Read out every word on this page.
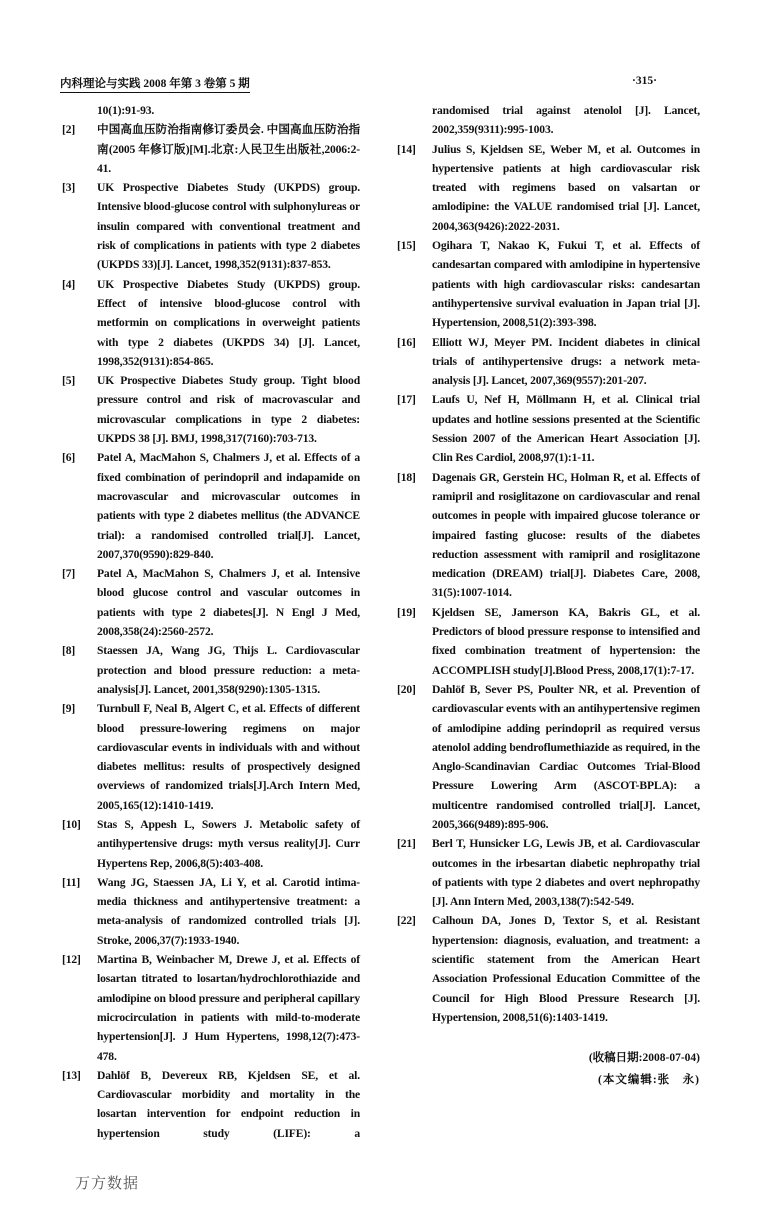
内科理论与实践 2008 年第 3 卷第 5 期	·315·
10(1):91-93.
[2] 中国高血压防治指南修订委员会. 中国高血压防治指南(2005 年修订版)[M].北京:人民卫生出版社,2006:2-41.
[3] UK Prospective Diabetes Study (UKPDS) group. Intensive blood-glucose control with sulphonylureas or insulin compared with conventional treatment and risk of complications in patients with type 2 diabetes (UKPDS 33)[J]. Lancet, 1998,352(9131):837-853.
[4] UK Prospective Diabetes Study (UKPDS) group. Effect of intensive blood-glucose control with metformin on complications in overweight patients with type 2 diabetes (UKPDS 34) [J]. Lancet, 1998,352(9131):854-865.
[5] UK Prospective Diabetes Study group. Tight blood pressure control and risk of macrovascular and microvascular complications in type 2 diabetes: UKPDS 38 [J]. BMJ, 1998,317(7160):703-713.
[6] Patel A, MacMahon S, Chalmers J, et al. Effects of a fixed combination of perindopril and indapamide on macrovascular and microvascular outcomes in patients with type 2 diabetes mellitus (the ADVANCE trial): a randomised controlled trial[J]. Lancet, 2007,370(9590):829-840.
[7] Patel A, MacMahon S, Chalmers J, et al. Intensive blood glucose control and vascular outcomes in patients with type 2 diabetes[J]. N Engl J Med, 2008,358(24):2560-2572.
[8] Staessen JA, Wang JG, Thijs L. Cardiovascular protection and blood pressure reduction: a meta-analysis[J]. Lancet, 2001,358(9290):1305-1315.
[9] Turnbull F, Neal B, Algert C, et al. Effects of different blood pressure-lowering regimens on major cardiovascular events in individuals with and without diabetes mellitus: results of prospectively designed overviews of randomized trials[J].Arch Intern Med, 2005,165(12):1410-1419.
[10] Stas S, Appesh L, Sowers J. Metabolic safety of antihypertensive drugs: myth versus reality[J]. Curr Hypertens Rep, 2006,8(5):403-408.
[11] Wang JG, Staessen JA, Li Y, et al. Carotid intima-media thickness and antihypertensive treatment: a meta-analysis of randomized controlled trials [J]. Stroke, 2006,37(7):1933-1940.
[12] Martina B, Weinbacher M, Drewe J, et al. Effects of losartan titrated to losartan/hydrochlorothiazide and amlodipine on blood pressure and peripheral capillary microcirculation in patients with mild-to-moderate hypertension[J]. J Hum Hypertens, 1998,12(7):473-478.
[13] Dahlöf B, Devereux RB, Kjeldsen SE, et al. Cardiovascular morbidity and mortality in the losartan intervention for endpoint reduction in hypertension study (LIFE): a
万方数据
randomised trial against atenolol [J]. Lancet, 2002,359(9311):995-1003.
[14] Julius S, Kjeldsen SE, Weber M, et al. Outcomes in hypertensive patients at high cardiovascular risk treated with regimens based on valsartan or amlodipine: the VALUE randomised trial [J]. Lancet, 2004,363(9426):2022-2031.
[15] Ogihara T, Nakao K, Fukui T, et al. Effects of candesartan compared with amlodipine in hypertensive patients with high cardiovascular risks: candesartan antihypertensive survival evaluation in Japan trial [J]. Hypertension, 2008,51(2):393-398.
[16] Elliott WJ, Meyer PM. Incident diabetes in clinical trials of antihypertensive drugs: a network meta-analysis [J]. Lancet, 2007,369(9557):201-207.
[17] Laufs U, Nef H, Möllmann H, et al. Clinical trial updates and hotline sessions presented at the Scientific Session 2007 of the American Heart Association [J]. Clin Res Cardiol, 2008,97(1):1-11.
[18] Dagenais GR, Gerstein HC, Holman R, et al. Effects of ramipril and rosiglitazone on cardiovascular and renal outcomes in people with impaired glucose tolerance or impaired fasting glucose: results of the diabetes reduction assessment with ramipril and rosiglitazone medication (DREAM) trial[J]. Diabetes Care, 2008, 31(5):1007-1014.
[19] Kjeldsen SE, Jamerson KA, Bakris GL, et al. Predictors of blood pressure response to intensified and fixed combination treatment of hypertension: the ACCOMPLISH study[J].Blood Press, 2008,17(1):7-17.
[20] Dahlöf B, Sever PS, Poulter NR, et al. Prevention of cardiovascular events with an antihypertensive regimen of amlodipine adding perindopril as required versus atenolol adding bendroflumethiazide as required, in the Anglo-Scandinavian Cardiac Outcomes Trial-Blood Pressure Lowering Arm (ASCOT-BPLA): a multicentre randomised controlled trial[J]. Lancet, 2005,366(9489):895-906.
[21] Berl T, Hunsicker LG, Lewis JB, et al. Cardiovascular outcomes in the irbesartan diabetic nephropathy trial of patients with type 2 diabetes and overt nephropathy [J]. Ann Intern Med, 2003,138(7):542-549.
[22] Calhoun DA, Jones D, Textor S, et al. Resistant hypertension: diagnosis, evaluation, and treatment: a scientific statement from the American Heart Association Professional Education Committee of the Council for High Blood Pressure Research [J]. Hypertension, 2008,51(6):1403-1419.
(收稿日期:2008-07-04)
(本文编辑:张　永)
